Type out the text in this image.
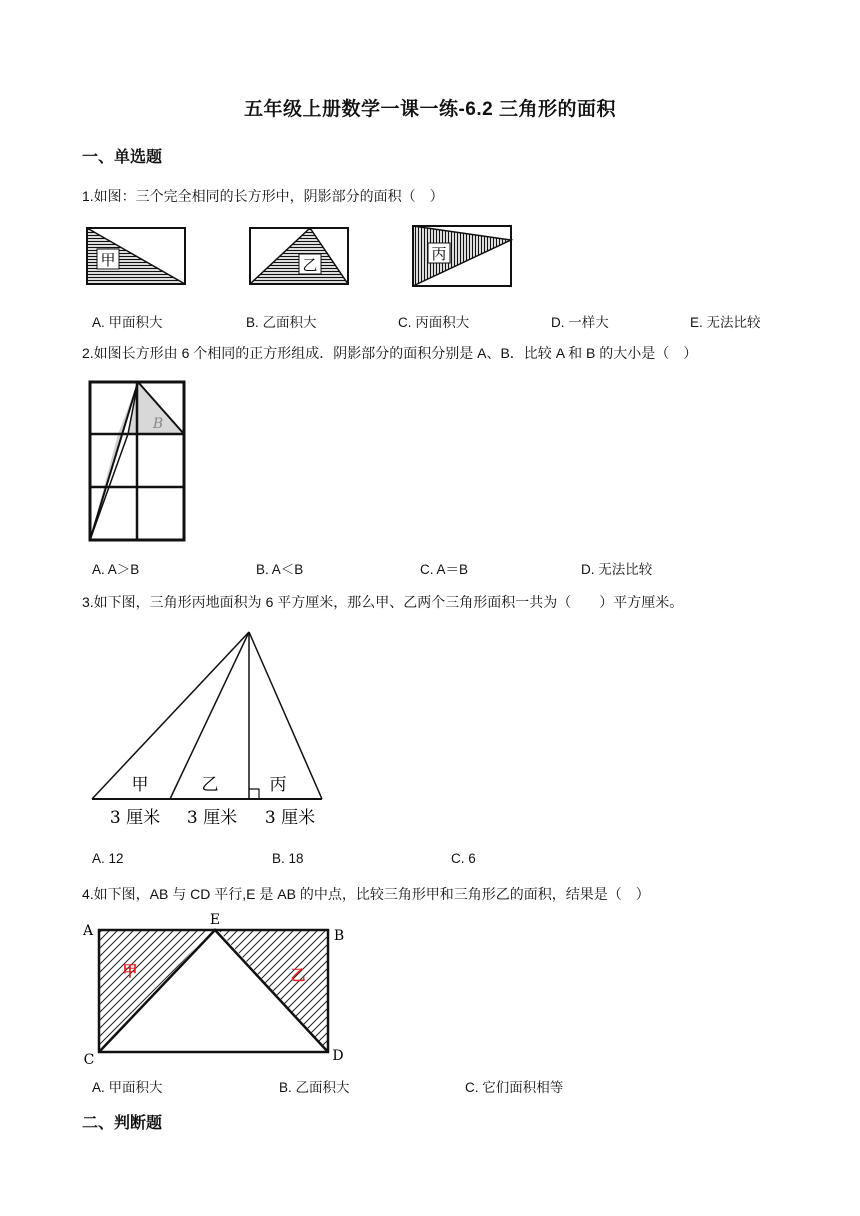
五年级上册数学一课一练-6.2 三角形的面积
一、单选题
1.如图：三个完全相同的长方形中，阴影部分的面积（　）
甲	乙
丙
B
甲	乙	丙
3 厘米 3 厘米 3 厘米
A
E
B
C	D
甲	乙
A. 甲面积大	B. 乙面积大	C. 丙面积大	D. 一样大	E. 无法比较
2.如图长方形由 6 个相同的正方形组成．阴影部分的面积分别是 A、B．比较 A 和 B 的大小是（　）
A. A＞B	B. A＜B	C. A＝B	D. 无法比较
3.如下图，三角形丙地面积为 6 平方厘米，那么甲、乙两个三角形面积一共为（　　）平方厘米。
A. 12	B. 18	C. 6
4.如下图，AB 与 CD 平行,E 是 AB 的中点，比较三角形甲和三角形乙的面积，结果是（　）
A. 甲面积大	B. 乙面积大	C. 它们面积相等
二、判断题
